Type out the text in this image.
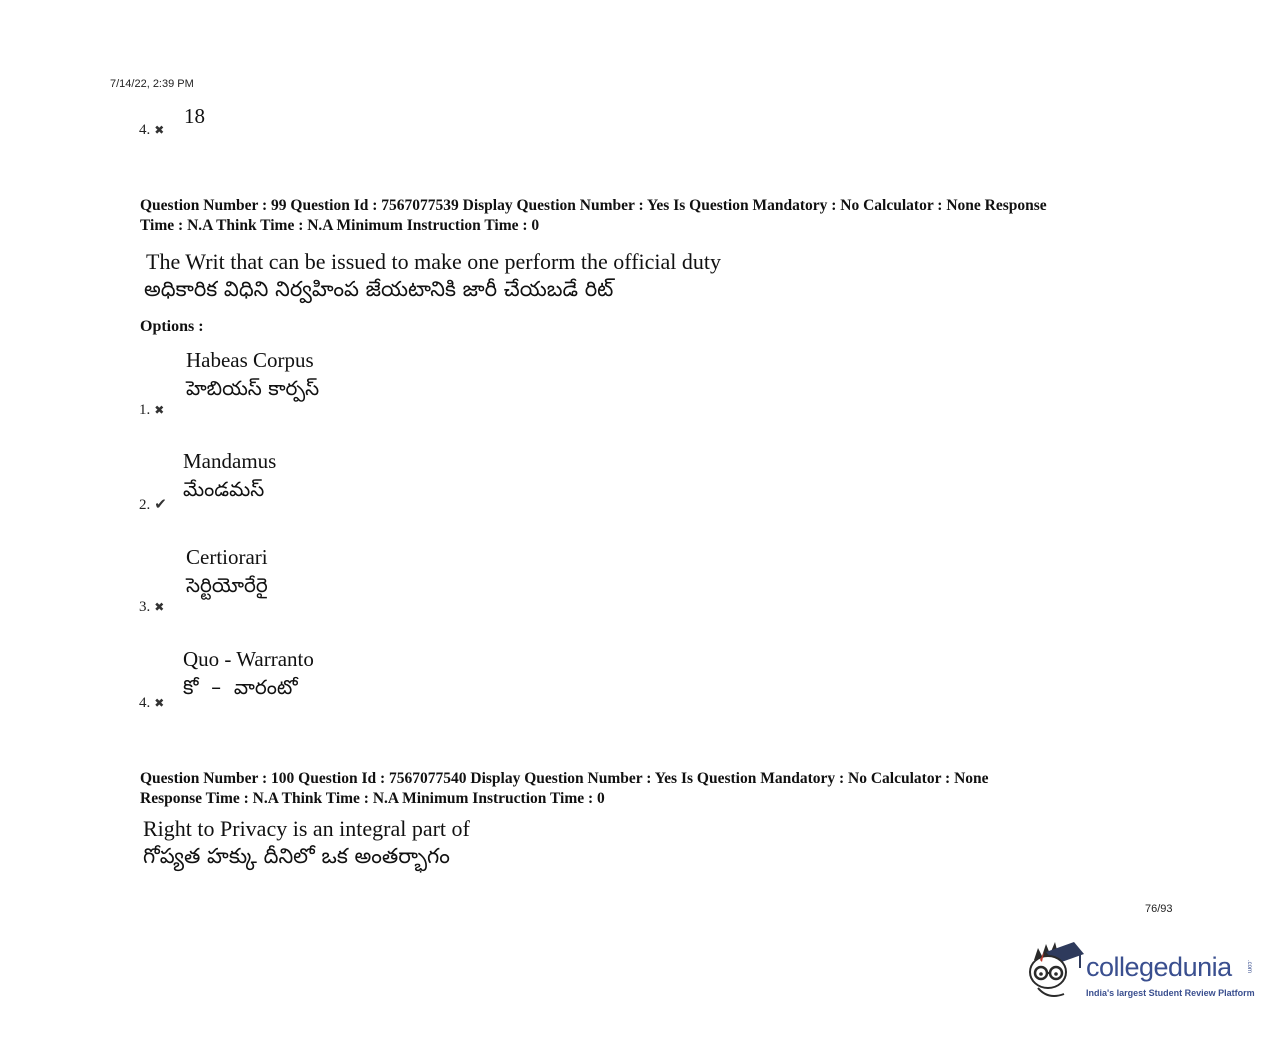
7/14/22, 2:39 PM
18
4. ✖
Question Number : 99 Question Id : 7567077539 Display Question Number : Yes Is Question Mandatory : No Calculator : None Response
Time : N.A Think Time : N.A Minimum Instruction Time : 0
The Writ that can be issued to make one perform the official duty
అధికారిక విధిని నిర్వహింప జేయటానికి జారీ చేయబడే రిట్
Options :
Habeas Corpus
హెబియస్ కార్పస్
1. ✖
Mandamus
మేండమస్
2. ✔
Certiorari
సెర్టియోరేరై
3. ✖
Quo - Warranto
కో  –  వారంటో
4. ✖
Question Number : 100 Question Id : 7567077540 Display Question Number : Yes Is Question Mandatory : No Calculator : None
Response Time : N.A Think Time : N.A Minimum Instruction Time : 0
Right to Privacy is an integral part of
గోప్యత హక్కు దీనిలో ఒక అంతర్భాగం
76/93
collegedunia .com
India's largest Student Review Platform
